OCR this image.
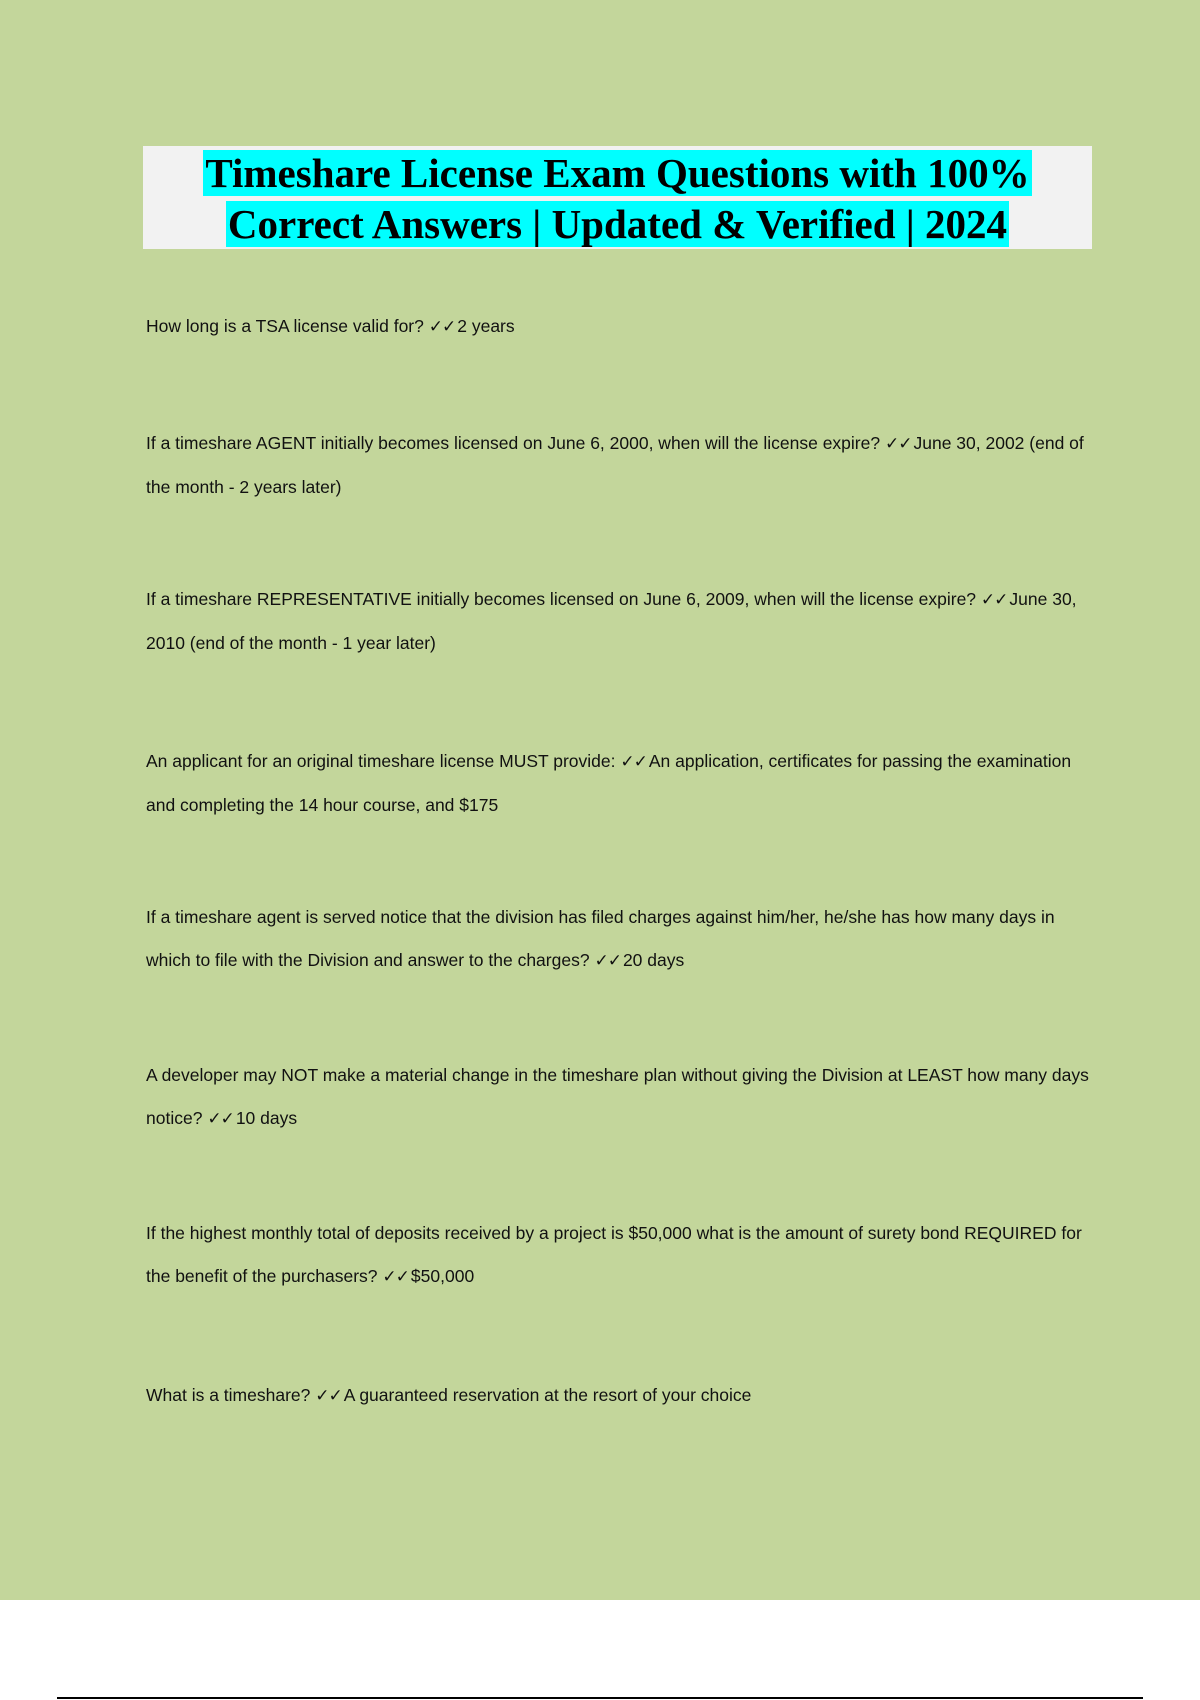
Timeshare License Exam Questions with 100%
Correct Answers | Updated & Verified | 2024
How long is a TSA license valid for? ✓✓ 2 years
If a timeshare AGENT initially becomes licensed on June 6, 2000, when will the license expire? ✓✓ June 30, 2002 (end of the month - 2 years later)
If a timeshare REPRESENTATIVE initially becomes licensed on June 6, 2009, when will the license expire? ✓✓ June 30, 2010 (end of the month - 1 year later)
An applicant for an original timeshare license MUST provide: ✓✓ An application, certificates for passing the examination and completing the 14 hour course, and $175
If a timeshare agent is served notice that the division has filed charges against him/her, he/she has how many days in which to file with the Division and answer to the charges? ✓✓ 20 days
A developer may NOT make a material change in the timeshare plan without giving the Division at LEAST how many days notice? ✓✓ 10 days
If the highest monthly total of deposits received by a project is $50,000 what is the amount of surety bond REQUIRED for the benefit of the purchasers? ✓✓ $50,000
What is a timeshare? ✓✓ A guaranteed reservation at the resort of your choice
